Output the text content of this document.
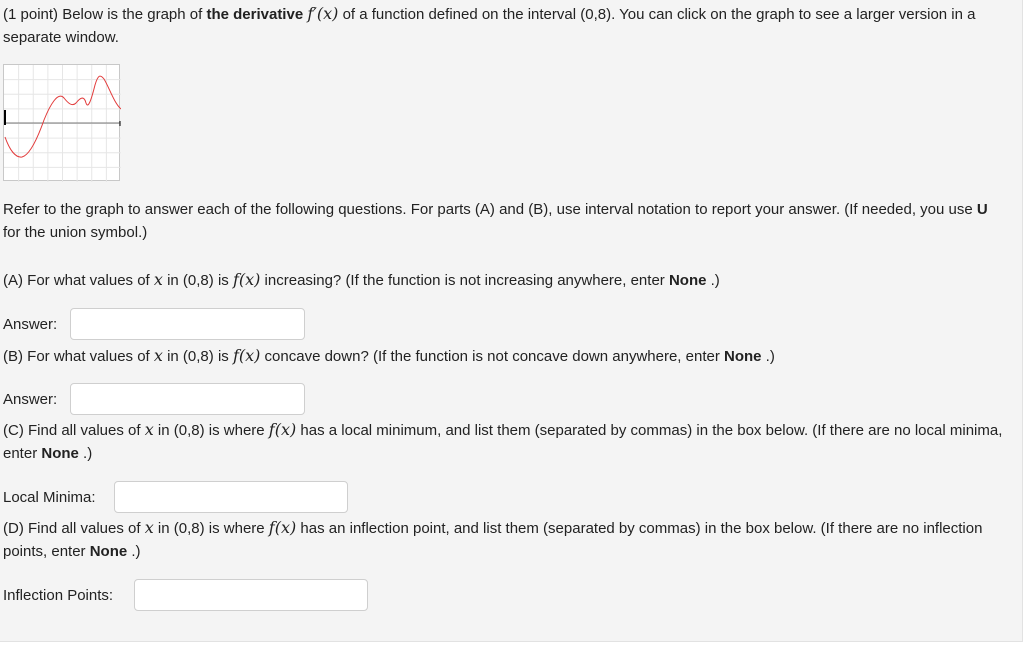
(1 point) Below is the graph of the derivative f′(x) of a function defined on the interval (0,8). You can click on the graph to see a larger version in a separate window.
Refer to the graph to answer each of the following questions. For parts (A) and (B), use interval notation to report your answer. (If needed, you use U for the union symbol.)
(A) For what values of x in (0,8) is f(x) increasing? (If the function is not increasing anywhere, enter None .)
Answer:
(B) For what values of x in (0,8) is f(x) concave down? (If the function is not concave down anywhere, enter None .)
Answer:
(C) Find all values of x in (0,8) is where f(x) has a local minimum, and list them (separated by commas) in the box below. (If there are no local minima, enter None .)
Local Minima:
(D) Find all values of x in (0,8) is where f(x) has an inflection point, and list them (separated by commas) in the box below. (If there are no inflection points, enter None .)
Inflection Points:
